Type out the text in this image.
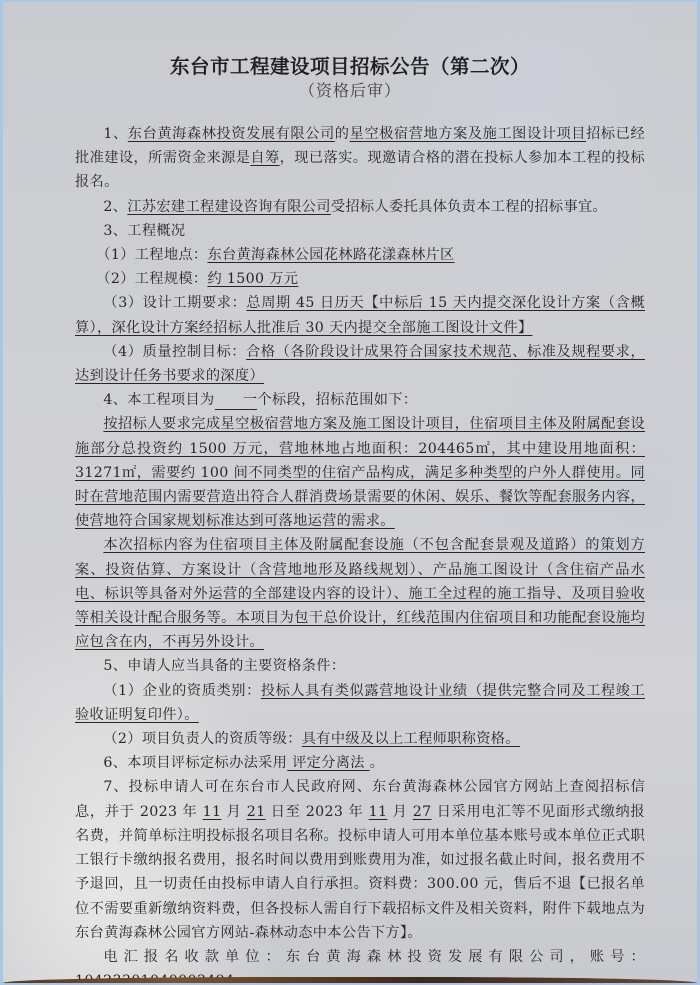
东台市工程建设项目招标公告（第二次）
（资格后审）

1、东台黄海森林投资发展有限公司的星空极宿营地方案及施工图设计项目招标已经批准建设，所需资金来源是自筹，现已落实。现邀请合格的潜在投标人参加本工程的投标报名。

2、江苏宏建工程建设咨询有限公司受招标人委托具体负责本工程的招标事宜。

3、工程概况

（1）工程地点：东台黄海森林公园花林路花漾森林片区

（2）工程规模：约 1500 万元

（3）设计工期要求：总周期 45 日历天【中标后 15 天内提交深化设计方案（含概算），深化设计方案经招标人批准后 30 天内提交全部施工图设计文件】

（4）质量控制目标：合格（各阶段设计成果符合国家技术规范、标准及规程要求，达到设计任务书要求的深度）

4、本工程项目为 一个标段，招标范围如下：

按招标人要求完成星空极宿营地方案及施工图设计项目，住宿项目主体及附属配套设施部分总投资约 1500 万元，营地林地占地面积：204465㎡，其中建设用地面积：31271㎡，需要约 100 间不同类型的住宿产品构成，满足多种类型的户外人群使用。同时在营地范围内需要营造出符合人群消费场景需要的休闲、娱乐、餐饮等配套服务内容，使营地符合国家规划标准达到可落地运营的需求。

本次招标内容为住宿项目主体及附属配套设施（不包含配套景观及道路）的策划方案、投资估算、方案设计（含营地地形及路线规划）、产品施工图设计（含住宿产品水电、标识等具备对外运营的全部建设内容的设计）、施工全过程的施工指导、及项目验收等相关设计配合服务等。本项目为包干总价设计，红线范围内住宿项目和功能配套设施均应包含在内，不再另外设计。

5、申请人应当具备的主要资格条件：

（1）企业的资质类别：投标人具有类似露营地设计业绩（提供完整合同及工程竣工验收证明复印件）。

（2）项目负责人的资质等级：具有中级及以上工程师职称资格。

6、本项目评标定标办法采用 评定分离法 。

7、投标申请人可在东台市人民政府网、东台黄海森林公园官方网站上查阅招标信息，并于 2023 年 11 月 21 日至 2023 年 11 月 27 日采用电汇等不见面形式缴纳报名费，并简单标注明投标报名项目名称。投标申请人可用本单位基本账号或本单位正式职工银行卡缴纳报名费用，报名时间以费用到账费用为准，如过报名截止时间，报名费用不予退回，且一切责任由投标申请人自行承担。资料费：300.00 元，售后不退【已报名单位不需要重新缴纳资料费，但各投标人需自行下载招标文件及相关资料，附件下载地点为东台黄海森林公园官方网站-森林动态中本公告下方】。

电汇报名收款单位：东台黄海森林投资发展有限公司，账号：
